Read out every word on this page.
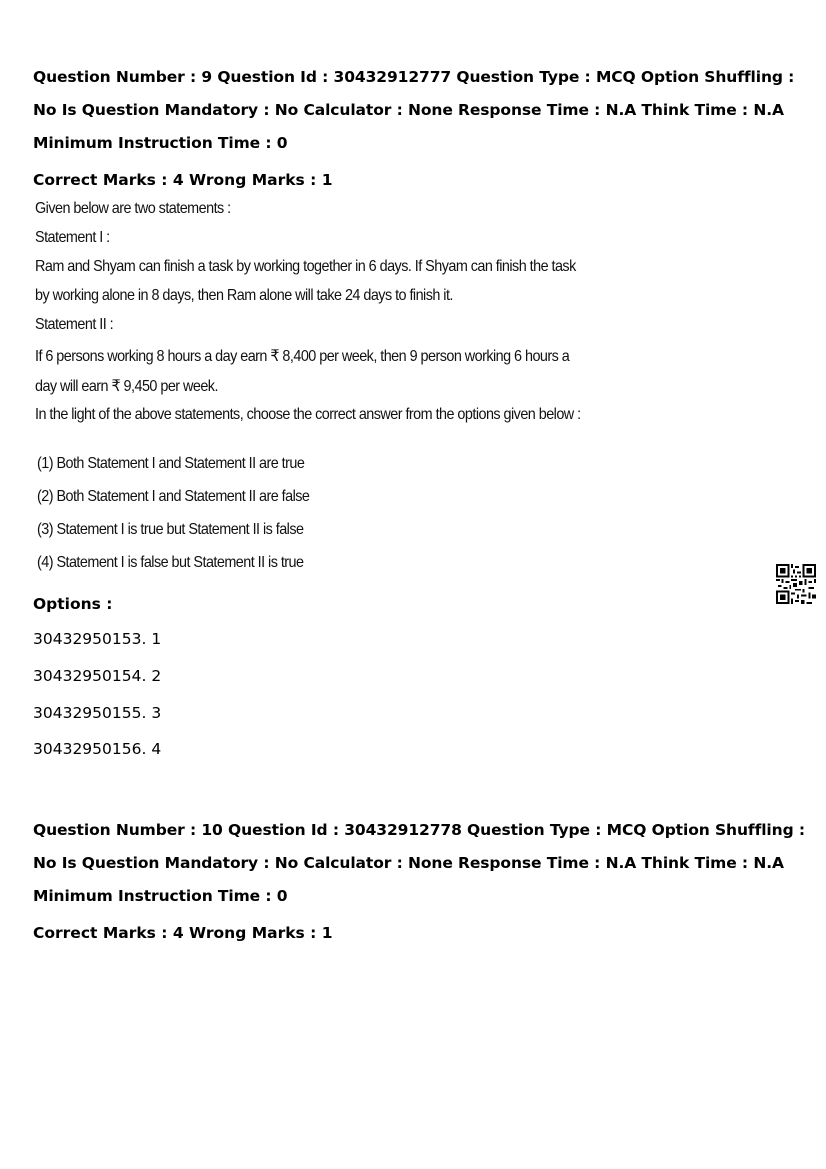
Question Number : 9 Question Id : 30432912777 Question Type : MCQ Option Shuffling : No Is Question Mandatory : No Calculator : None Response Time : N.A Think Time : N.A Minimum Instruction Time : 0
Correct Marks : 4 Wrong Marks : 1
Given below are two statements :
Statement I :
Ram and Shyam can finish a task by working together in 6 days. If Shyam can finish the task
by working alone in 8 days, then Ram alone will take 24 days to finish it.
Statement II :
If 6 persons working 8 hours a day earn ₹ 8,400 per week, then 9 person working 6 hours a
day will earn ₹ 9,450 per week.
In the light of the above statements, choose the correct answer from the options given below :
(1) Both Statement I and Statement II are true
(2) Both Statement I and Statement II are false
(3) Statement I is true but Statement II is false
(4) Statement I is false but Statement II is true
Options :
30432950153. 1
30432950154. 2
30432950155. 3
30432950156. 4
Question Number : 10 Question Id : 30432912778 Question Type : MCQ Option Shuffling : No Is Question Mandatory : No Calculator : None Response Time : N.A Think Time : N.A Minimum Instruction Time : 0
Correct Marks : 4 Wrong Marks : 1
